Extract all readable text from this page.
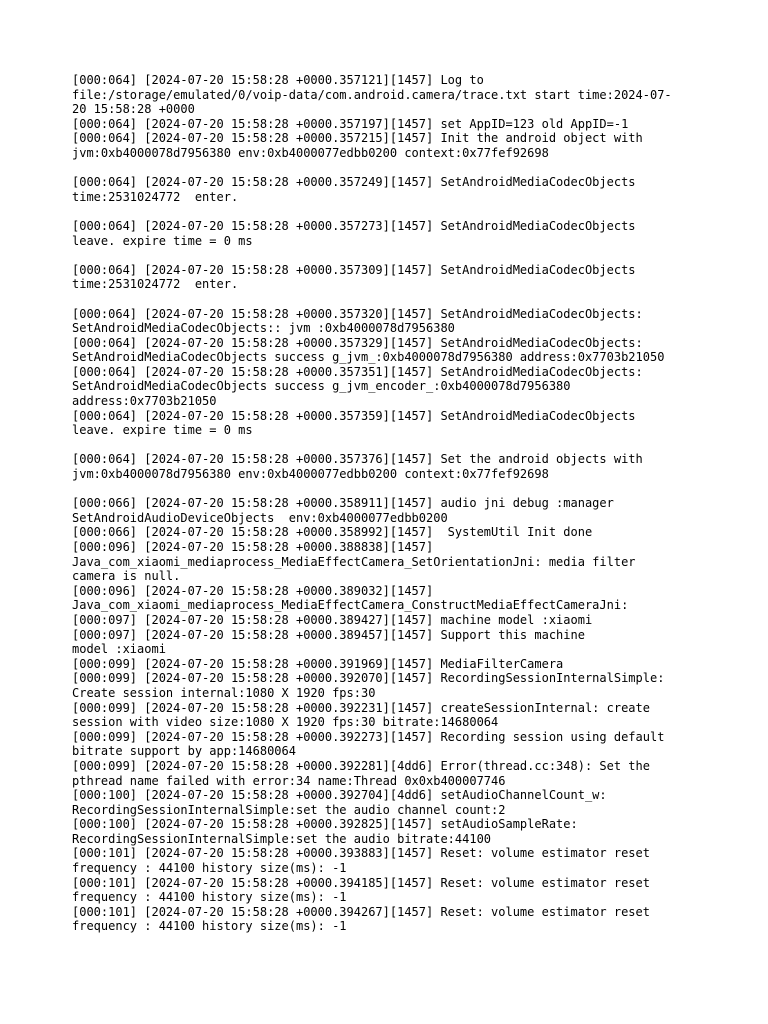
[000:064] [2024-07-20 15:58:28 +0000.357121][1457] Log to
file:/storage/emulated/0/voip-data/com.android.camera/trace.txt start time:2024-07-
20 15:58:28 +0000
[000:064] [2024-07-20 15:58:28 +0000.357197][1457] set AppID=123 old AppID=-1
[000:064] [2024-07-20 15:58:28 +0000.357215][1457] Init the android object with
jvm:0xb4000078d7956380 env:0xb4000077edbb0200 context:0x77fef92698
[000:064] [2024-07-20 15:58:28 +0000.357249][1457] SetAndroidMediaCodecObjects
time:2531024772  enter.
[000:064] [2024-07-20 15:58:28 +0000.357273][1457] SetAndroidMediaCodecObjects
leave. expire time = 0 ms
[000:064] [2024-07-20 15:58:28 +0000.357309][1457] SetAndroidMediaCodecObjects
time:2531024772  enter.
[000:064] [2024-07-20 15:58:28 +0000.357320][1457] SetAndroidMediaCodecObjects:
SetAndroidMediaCodecObjects:: jvm :0xb4000078d7956380
[000:064] [2024-07-20 15:58:28 +0000.357329][1457] SetAndroidMediaCodecObjects:
SetAndroidMediaCodecObjects success g_jvm_:0xb4000078d7956380 address:0x7703b21050
[000:064] [2024-07-20 15:58:28 +0000.357351][1457] SetAndroidMediaCodecObjects:
SetAndroidMediaCodecObjects success g_jvm_encoder_:0xb4000078d7956380
address:0x7703b21050
[000:064] [2024-07-20 15:58:28 +0000.357359][1457] SetAndroidMediaCodecObjects
leave. expire time = 0 ms
[000:064] [2024-07-20 15:58:28 +0000.357376][1457] Set the android objects with
jvm:0xb4000078d7956380 env:0xb4000077edbb0200 context:0x77fef92698
[000:066] [2024-07-20 15:58:28 +0000.358911][1457] audio jni debug :manager
SetAndroidAudioDeviceObjects  env:0xb4000077edbb0200
[000:066] [2024-07-20 15:58:28 +0000.358992][1457]  SystemUtil Init done
[000:096] [2024-07-20 15:58:28 +0000.388838][1457]
Java_com_xiaomi_mediaprocess_MediaEffectCamera_SetOrientationJni: media filter
camera is null.
[000:096] [2024-07-20 15:58:28 +0000.389032][1457]
Java_com_xiaomi_mediaprocess_MediaEffectCamera_ConstructMediaEffectCameraJni:
[000:097] [2024-07-20 15:58:28 +0000.389427][1457] machine model :xiaomi
[000:097] [2024-07-20 15:58:28 +0000.389457][1457] Support this machine
model :xiaomi
[000:099] [2024-07-20 15:58:28 +0000.391969][1457] MediaFilterCamera
[000:099] [2024-07-20 15:58:28 +0000.392070][1457] RecordingSessionInternalSimple:
Create session internal:1080 X 1920 fps:30
[000:099] [2024-07-20 15:58:28 +0000.392231][1457] createSessionInternal: create
session with video size:1080 X 1920 fps:30 bitrate:14680064
[000:099] [2024-07-20 15:58:28 +0000.392273][1457] Recording session using default
bitrate support by app:14680064
[000:099] [2024-07-20 15:58:28 +0000.392281][4dd6] Error(thread.cc:348): Set the
pthread name failed with error:34 name:Thread 0x0xb400007746
[000:100] [2024-07-20 15:58:28 +0000.392704][4dd6] setAudioChannelCount_w:
RecordingSessionInternalSimple:set the audio channel count:2
[000:100] [2024-07-20 15:58:28 +0000.392825][1457] setAudioSampleRate:
RecordingSessionInternalSimple:set the audio bitrate:44100
[000:101] [2024-07-20 15:58:28 +0000.393883][1457] Reset: volume estimator reset
frequency : 44100 history size(ms): -1
[000:101] [2024-07-20 15:58:28 +0000.394185][1457] Reset: volume estimator reset
frequency : 44100 history size(ms): -1
[000:101] [2024-07-20 15:58:28 +0000.394267][1457] Reset: volume estimator reset
frequency : 44100 history size(ms): -1
